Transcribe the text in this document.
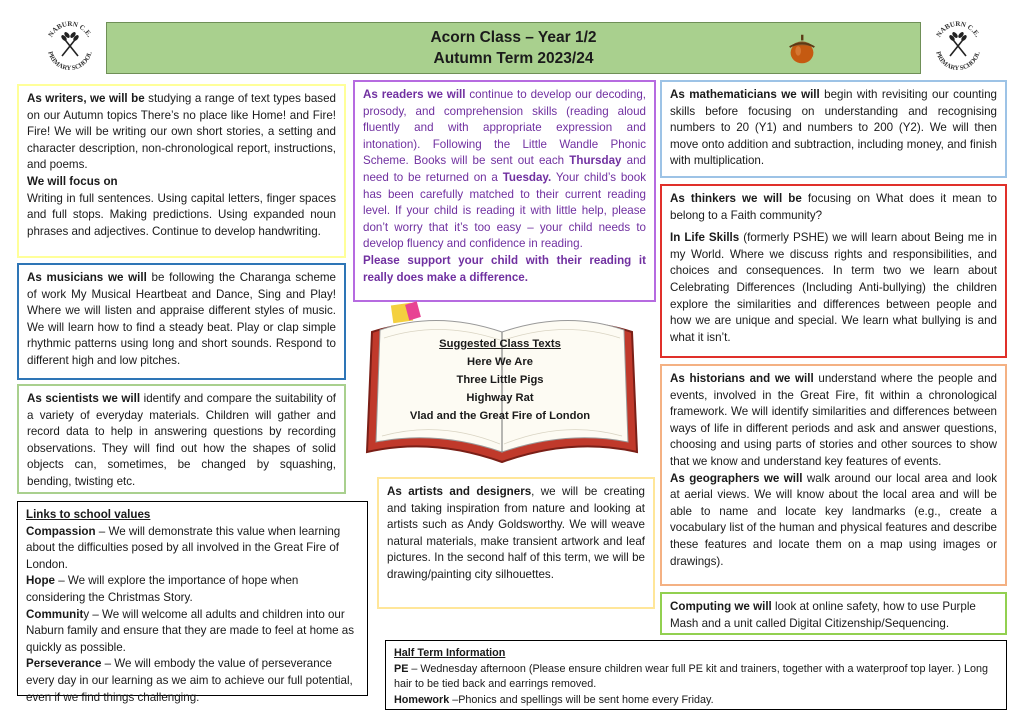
Acorn Class – Year 1/2
Autumn Term 2023/24
NABURN C.E.
PRIMARY SCHOOL
NABURN C.E.
PRIMARY SCHOOL

As writers, we will be studying a range of text types based on our Autumn topics There’s no place like Home! and Fire! Fire! We will be writing our own short stories, a setting and character description, non-chronological report, instructions, and poems.

We will focus on

Writing in full sentences. Using capital letters, finger spaces and full stops. Making predictions. Using expanded noun phrases and adjectives. Continue to develop handwriting.

As readers we will continue to develop our decoding, prosody, and comprehension skills (reading aloud fluently and with appropriate expression and intonation). Following the Little Wandle Phonic Scheme. Books will be sent out each Thursday and need to be returned on a Tuesday. Your child’s book has been carefully matched to their current reading level. If your child is reading it with little help, please don’t worry that it’s too easy – your child needs to develop fluency and confidence in reading.

Please support your child with their reading it really does make a difference.

As mathematicians we will begin with revisiting our counting skills before focusing on understanding and recognising numbers to 20 (Y1) and numbers to 200 (Y2). We will then move onto addition and subtraction, including money, and finish with multiplication.

As musicians we will be following the Charanga scheme of work My Musical Heartbeat and Dance, Sing and Play! Where we will listen and appraise different styles of music. We will learn how to find a steady beat. Play or clap simple rhythmic patterns using long and short sounds. Respond to different high and low pitches.

As thinkers we will be focusing on What does it mean to belong to a Faith community?

In Life Skills (formerly PSHE) we will learn about Being me in my World. Where we discuss rights and responsibilities, and choices and consequences. In term two we learn about Celebrating Differences (Including Anti-bullying) the children explore the similarities and differences between people and how we are unique and special. We learn what bullying is and what it isn’t.

Suggested Class Texts
Here We Are
Three Little Pigs
Highway Rat
Vlad and the Great Fire of London

As scientists we will identify and compare the suitability of a variety of everyday materials. Children will gather and record data to help in answering questions by recording observations. They will find out how the shapes of solid objects can, sometimes, be changed by squashing, bending, twisting etc.

As historians and we will understand where the people and events, involved in the Great Fire, fit within a chronological framework. We will identify similarities and differences between ways of life in different periods and ask and answer questions, choosing and using parts of stories and other sources to show that we know and understand key features of events.

As geographers we will walk around our local area and look at aerial views. We will know about the local area and will be able to name and locate key landmarks (e.g., create a vocabulary list of the human and physical features and describe these features and locate them on a map using images or drawings).

Links to school values

Compassion – We will demonstrate this value when learning about the difficulties posed by all involved in the Great Fire of London.

Hope – We will explore the importance of hope when considering the Christmas Story.

Community – We will welcome all adults and children into our Naburn family and ensure that they are made to feel at home as quickly as possible.

Perseverance – We will embody the value of perseverance every day in our learning as we aim to achieve our full potential, even if we find things challenging.

As artists and designers, we will be creating and taking inspiration from nature and looking at artists such as Andy Goldsworthy. We will weave natural materials, make transient artwork and leaf pictures. In the second half of this term, we will be drawing/painting city silhouettes.

Computing we will look at online safety, how to use Purple Mash and a unit called Digital Citizenship/Sequencing.

Half Term Information

PE – Wednesday afternoon (Please ensure children wear full PE kit and trainers, together with a waterproof top layer. ) Long hair to be tied back and earrings removed.

Homework –Phonics and spellings will be sent home every Friday.
